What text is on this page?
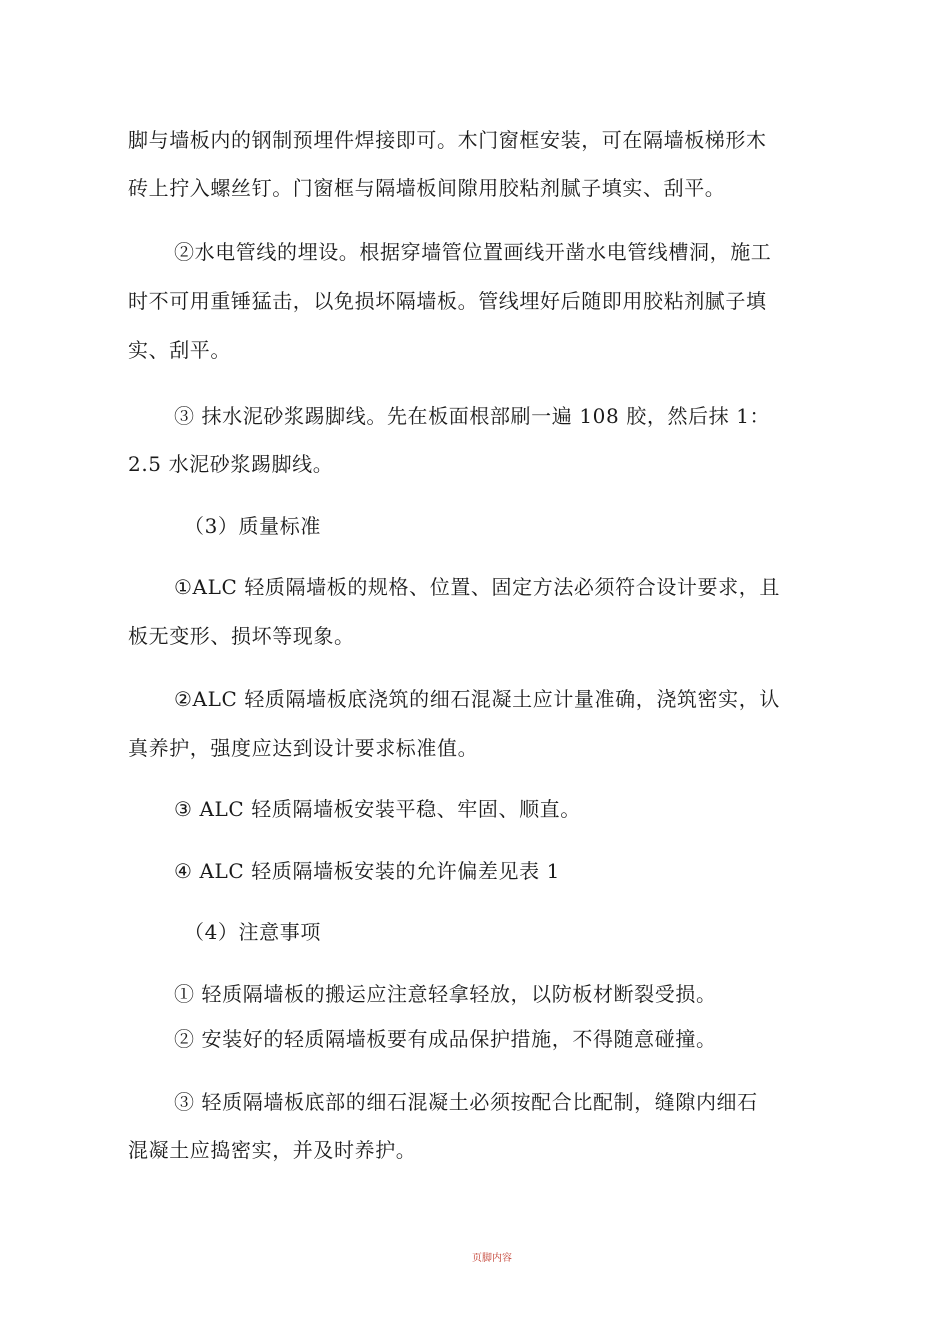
脚与墙板内的钢制预埋件焊接即可。木门窗框安装，可在隔墙板梯形木
砖上拧入螺丝钉。门窗框与隔墙板间隙用胶粘剂腻子填实、刮平。
②水电管线的埋设。根据穿墙管位置画线开凿水电管线槽洞，施工
时不可用重锤猛击，以免损坏隔墙板。管线埋好后随即用胶粘剂腻子填
实、刮平。
③ 抹水泥砂浆踢脚线。先在板面根部刷一遍 108 胶，然后抹 1：
2.5 水泥砂浆踢脚线。
（3）质量标准
①ALC 轻质隔墙板的规格、位置、固定方法必须符合设计要求，且
板无变形、损坏等现象。
②ALC 轻质隔墙板底浇筑的细石混凝土应计量准确，浇筑密实，认
真养护，强度应达到设计要求标准值。
③ ALC 轻质隔墙板安装平稳、牢固、顺直。
④ ALC 轻质隔墙板安装的允许偏差见表 1
（4）注意事项
① 轻质隔墙板的搬运应注意轻拿轻放，以防板材断裂受损。
② 安装好的轻质隔墙板要有成品保护措施，不得随意碰撞。
③ 轻质隔墙板底部的细石混凝土必须按配合比配制，缝隙内细石
混凝土应捣密实，并及时养护。
页脚内容
